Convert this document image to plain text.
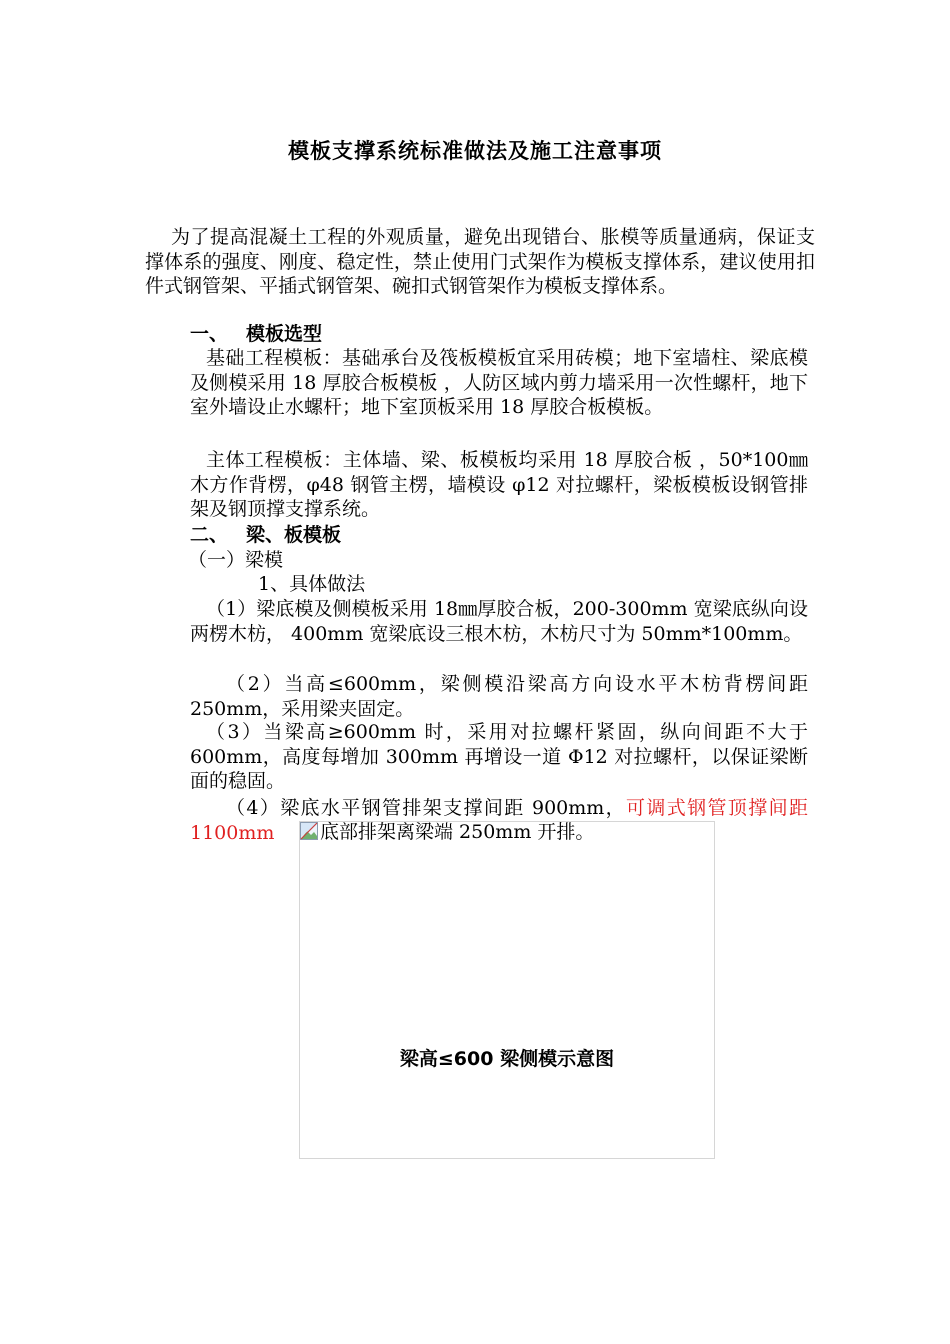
模板支撑系统标准做法及施工注意事项
为了提高混凝土工程的外观质量，避免出现错台、胀模等质量通病，保证支撑体系的强度、刚度、稳定性，禁止使用门式架作为模板支撑体系，建议使用扣件式钢管架、平插式钢管架、碗扣式钢管架作为模板支撑体系。
一、 模板选型
基础工程模板：基础承台及筏板模板宜采用砖模；地下室墙柱、梁底模及侧模采用 18 厚胶合板模板 ，人防区域内剪力墙采用一次性螺杆，地下室外墙设止水螺杆；地下室顶板采用 18 厚胶合板模板。
主体工程模板：主体墙、梁、板模板均采用 18 厚胶合板 ，50*100㎜木方作背楞，φ48 钢管主楞，墙模设 φ12 对拉螺杆，梁板模板设钢管排架及钢顶撑支撑系统。
二、 梁、板模板
（一）梁模
1、具体做法
（1）梁底模及侧模板采用 18㎜厚胶合板，200-300mm 宽梁底纵向设两楞木枋， 400mm 宽梁底设三根木枋，木枋尺寸为 50mm*100mm。
（2）当高≤600mm，梁侧模沿梁高方向设水平木枋背楞间距 250mm，采用梁夹固定。
（3）当梁高≥600mm 时，采用对拉螺杆紧固，纵向间距不大于 600mm，高度每增加 300mm 再增设一道 Φ12 对拉螺杆，以保证梁断面的稳固。
（4）梁底水平钢管排架支撑间距 900mm，可调式钢管顶撑间距 1100mm
梁高≤600 梁侧模示意图
底部排架离梁端 250mm 开排。
